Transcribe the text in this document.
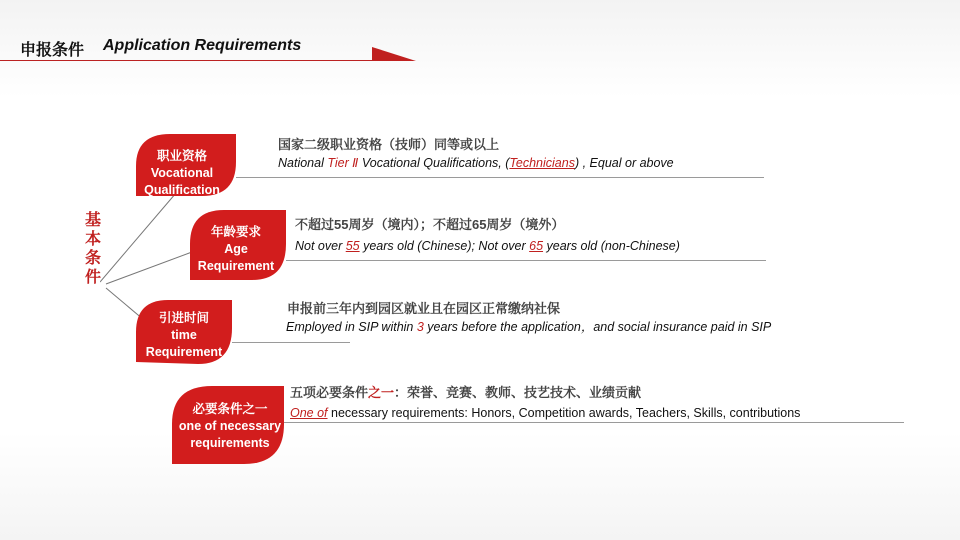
申报条件 Application Requirements
基本条件
职业资格
Vocational
Qualification
国家二级职业资格（技师）同等或以上
National Tier Ⅱ Vocational Qualifications, (Technicians) , Equal or above
年龄要求
Age
Requirement
不超过55周岁（境内）；不超过65周岁（境外）
Not over 55 years old (Chinese); Not over 65 years old (non-Chinese)
引进时间
time
Requirement
申报前三年内到园区就业且在园区正常缴纳社保
Employed in SIP within 3 years before the application，and social insurance paid in SIP
必要条件之一
one of necessary
requirements
五项必要条件之一：荣誉、竞赛、教师、技艺技术、业绩贡献
One of necessary requirements: Honors, Competition awards, Teachers, Skills, contributions
